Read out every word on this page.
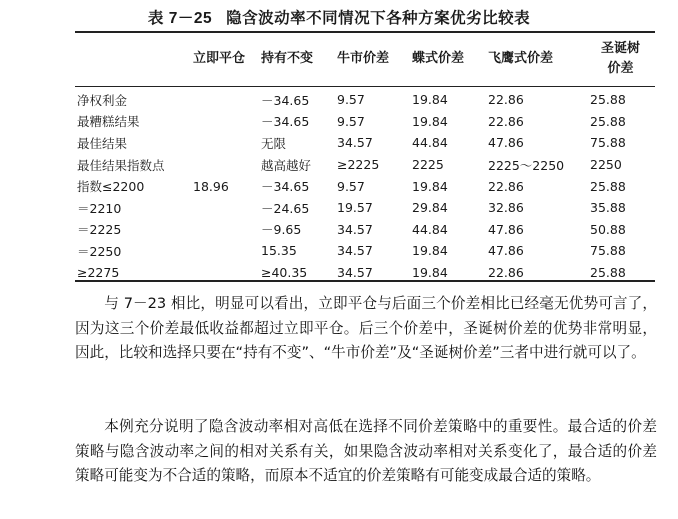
表 7－25 隐含波动率不同情况下各种方案优劣比较表
	立即平仓	持有不变	牛市价差	蝶式价差	飞鹰式价差	圣诞树
价差
净权利金		－34.65	9.57	19.84	22.86	25.88
最糟糕结果		－34.65	9.57	19.84	22.86	25.88
最佳结果		无限	34.57	44.84	47.86	75.88
最佳结果指数点		越高越好	≥2225	2225	2225～2250	2250
指数≤2200	18.96	－34.65	9.57	19.84	22.86	25.88
＝2210		－24.65	19.57	29.84	32.86	35.88
＝2225		－9.65	34.57	44.84	47.86	50.88
＝2250		15.35	34.57	19.84	47.86	75.88
≥2275		≥40.35	34.57	19.84	22.86	25.88

与 7－23 相比，明显可以看出，立即平仓与后面三个价差相比已经毫无优势可言了，因为这三个价差最低收益都超过立即平仓。后三个价差中，圣诞树价差的优势非常明显，因此，比较和选择只要在“持有不变”、“牛市价差”及“圣诞树价差”三者中进行就可以了。

本例充分说明了隐含波动率相对高低在选择不同价差策略中的重要性。最合适的价差策略与隐含波动率之间的相对关系有关，如果隐含波动率相对关系变化了，最合适的价差策略可能变为不合适的策略，而原本不适宜的价差策略有可能变成最合适的策略。
